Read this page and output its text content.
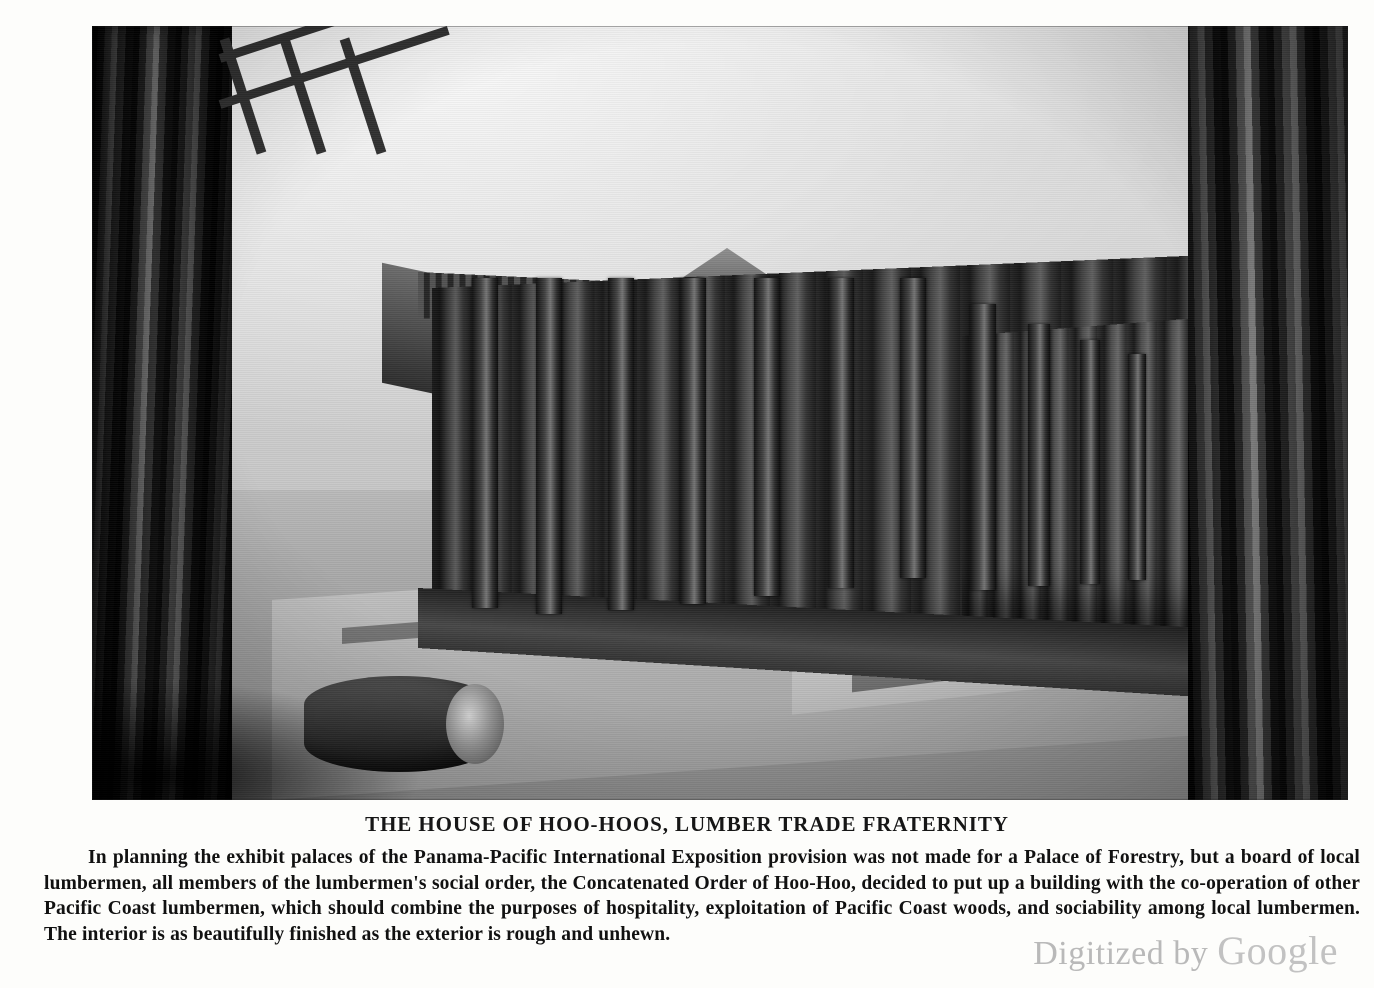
THE HOUSE OF HOO-HOOS, LUMBER TRADE FRATERNITY
In planning the exhibit palaces of the Panama-Pacific International Exposition provision was not made for a Palace of Forestry, but a board of local lumbermen, all members of the lumbermen's social order, the Concatenated Order of Hoo-Hoo, decided to put up a building with the co-operation of other Pacific Coast lumbermen, which should combine the purposes of hospitality, exploitation of Pacific Coast woods, and sociability among local lumbermen. The interior is as beautifully finished as the exterior is rough and unhewn.
Digitized by Google
